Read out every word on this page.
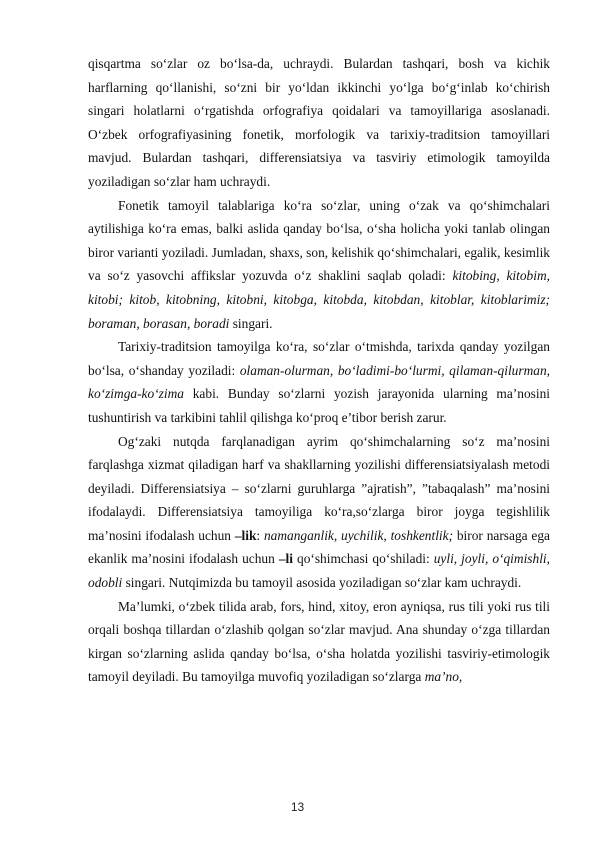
qisqartma so‘zlar oz bo‘lsa-da, uchraydi. Bulardan tashqari, bosh va kichik harflarning qo‘llanishi, so‘zni bir yo‘ldan ikkinchi yo‘lga bo‘g‘inlab ko‘chirish singari holatlarni o‘rgatishda orfografiya qoidalari va tamoyillariga asoslanadi. O‘zbek orfografiyasining fonetik, morfologik va tarixiy-traditsion tamoyillari mavjud. Bulardan tashqari, differensiatsiya va tasviriy etimologik tamoyilda yoziladigan so‘zlar ham uchraydi.

Fonetik tamoyil talablariga ko‘ra so‘zlar, uning o‘zak va qo‘shimchalari aytilishiga ko‘ra emas, balki aslida qanday bo‘lsa, o‘sha holicha yoki tanlab olingan biror varianti yoziladi. Jumladan, shaxs, son, kelishik qo‘shimchalari, egalik, kesimlik va so‘z yasovchi affikslar yozuvda o‘z shaklini saqlab qoladi: kitobing, kitobim, kitobi; kitob, kitobning, kitobni, kitobga, kitobda, kitobdan, kitoblar, kitoblarimiz; boraman, borasan, boradi singari.

Tarixiy-traditsion tamoyilga ko‘ra, so‘zlar o‘tmishda, tarixda qanday yozilgan bo‘lsa, o‘shanday yoziladi: olaman-olurman, bo‘ladimi-bo‘lurmi, qilaman-qilurman, ko‘zimga-ko‘zima kabi. Bunday so‘zlarni yozish jarayonida ularning ma’nosini tushuntirish va tarkibini tahlil qilishga ko‘proq e’tibor berish zarur.

Og‘zaki nutqda farqlanadigan ayrim qo‘shimchalarning so‘z ma’nosini farqlashga xizmat qiladigan harf va shakllarning yozilishi differensiatsiyalash metodi deyiladi. Differensiatsiya – so‘zlarni guruhlarga ”ajratish”, ”tabaqalash” ma’nosini ifodalaydi. Differensiatsiya tamoyiliga ko‘ra,so‘zlarga biror joyga tegishlilik ma’nosini ifodalash uchun –lik: namanganlik, uychilik, toshkentlik; biror narsaga ega ekanlik ma’nosini ifodalash uchun –li qo‘shimchasi qo‘shiladi: uyli, joyli, o‘qimishli, odobli singari. Nutqimizda bu tamoyil asosida yoziladigan so‘zlar kam uchraydi.

Ma’lumki, o‘zbek tilida arab, fors, hind, xitoy, eron ayniqsa, rus tili yoki rus tili orqali boshqa tillardan o‘zlashib qolgan so‘zlar mavjud. Ana shunday o‘zga tillardan kirgan so‘zlarning aslida qanday bo‘lsa, o‘sha holatda yozilishi tasviriy-etimologik tamoyil deyiladi. Bu tamoyilga muvofiq yoziladigan so‘zlarga ma’no,

13
